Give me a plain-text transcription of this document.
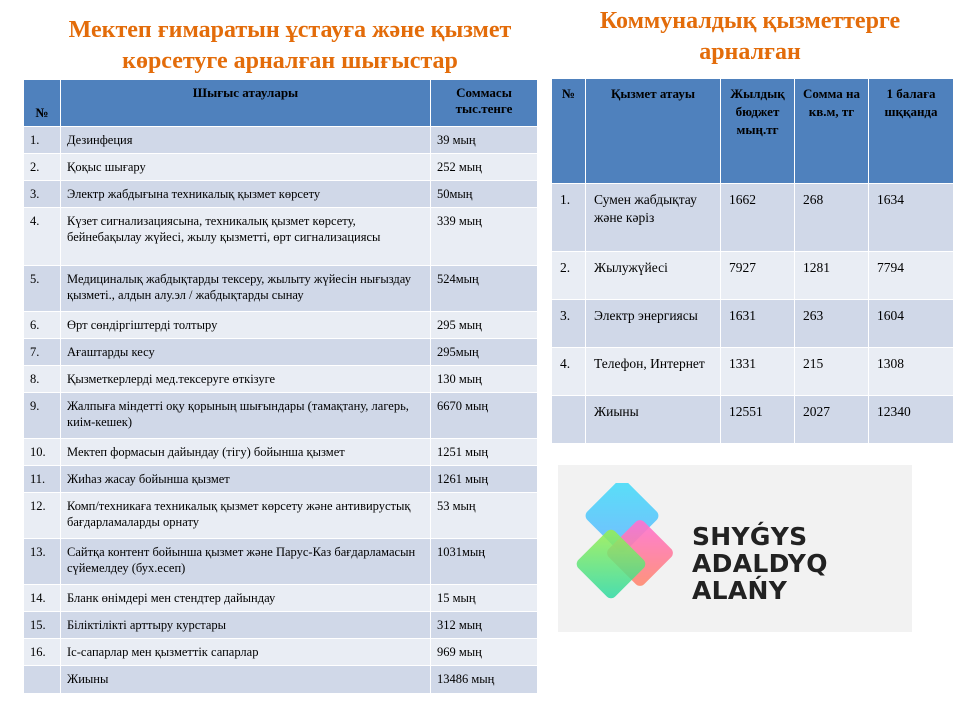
Мектеп ғимаратын ұстауға және қызмет көрсетуге арналған шығыстар
Коммуналдық қызметтерге арналған
№	Шығыс атаулары	Соммасы тыс.тенге
1.	Дезинфеция	39 мың
2.	Қоқыс шығару	252 мың
3.	Электр жабдығына техникалық қызмет көрсету	50мың
4.	Күзет сигнализациясына, техникалық қызмет көрсету, бейнебақылау жүйесі, жылу қызметті, өрт сигнализациясы	339 мың
5.	Медициналық жабдықтарды тексеру, жылыту жүйесін нығыздау қызметі., алдын алу.эл / жабдықтарды сынау	524мың
6.	Өрт сөндіргіштерді толтыру	295 мың
7.	Ағаштарды кесу	295мың
8.	Қызметкерлерді мед.тексеруге өткізуге	130 мың
9.	Жалпыға міндетті оқу қорының шығындары (тамақтану, лагерь, киім-кешек)	6670 мың
10.	Мектеп формасын дайындау (тігу) бойынша қызмет	1251 мың
11.	Жиһаз жасау бойынша қызмет	1261 мың
12.	Комп/техникаға техникалық қызмет көрсету және антивирустық бағдарламаларды орнату	53 мың
13.	Сайтқа контент бойынша қызмет және Парус-Каз бағдарламасын сүйемелдеу (бух.есеп)	1031мың
14.	Бланк өнімдері мен стендтер дайындау	15 мың
15.	Біліктілікті арттыру курстары	312 мың
16.	Іс-сапарлар мен қызметтік сапарлар	969 мың
	Жиыны	13486 мың
№	Қызмет атауы	Жылдық бюджет мың.тг	Сомма на кв.м, тг	1 балаға шққанда
1.	Сумен жабдықтау және кәріз	1662	268	1634
2.	Жылужүйесі	7927	1281	7794
3.	Электр энергиясы	1631	263	1604
4.	Телефон, Интернет	1331	215	1308
	Жиыны	12551	2027	12340
SHYǴYS
ADALDYQ ALAŃY
